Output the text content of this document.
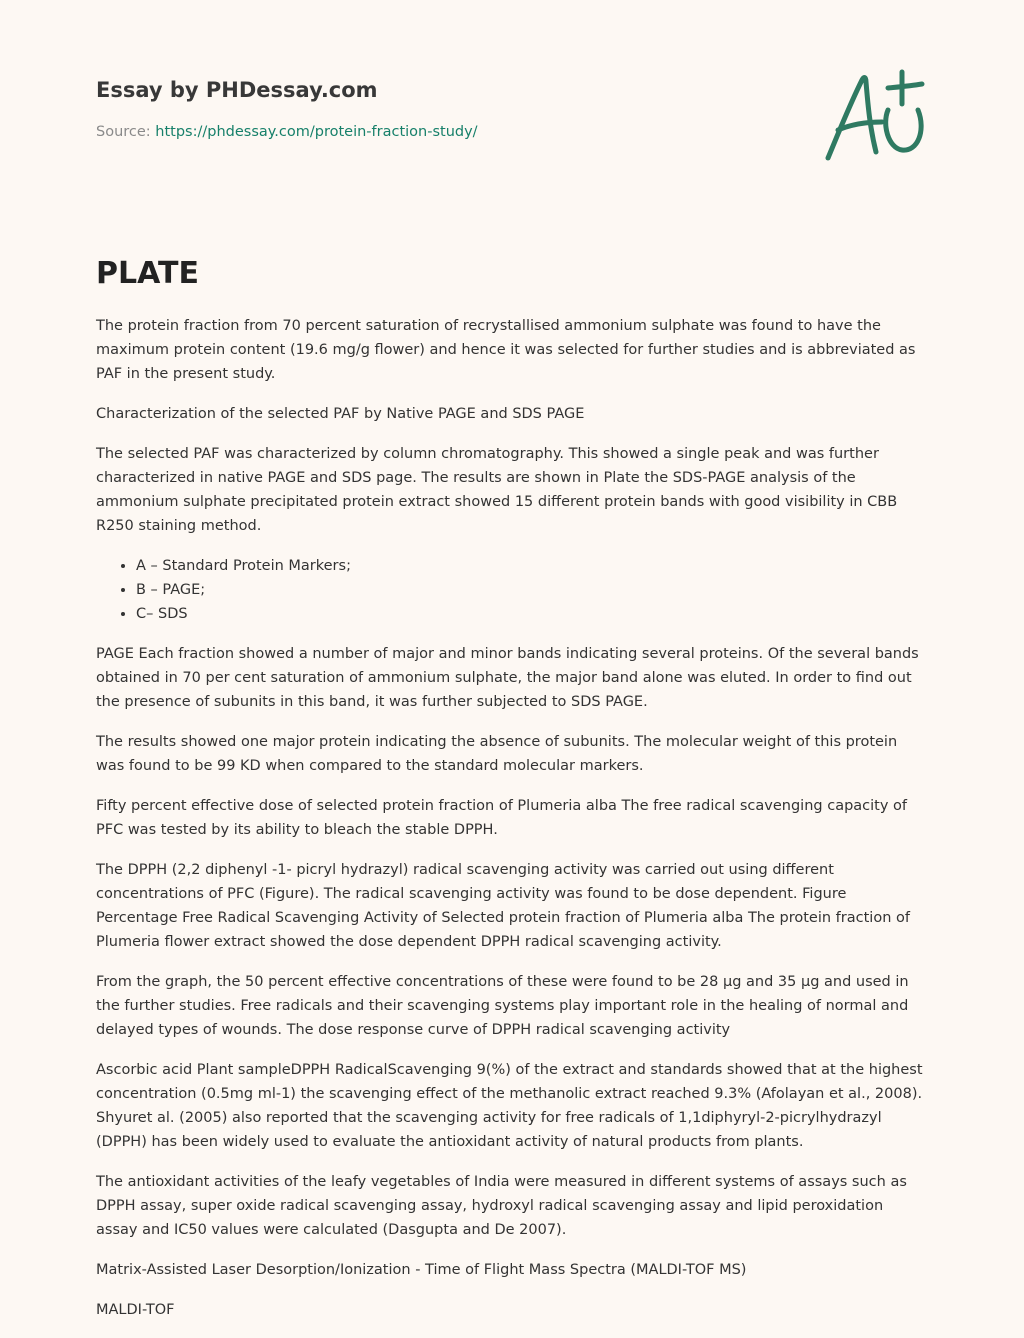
Essay by PHDessay.com
Source: https://phdessay.com/protein-fraction-study/
PLATE

The protein fraction from 70 percent saturation of recrystallised ammonium sulphate was found to have the maximum protein content (19.6 mg/g flower) and hence it was selected for further studies and is abbreviated as PAF in the present study.

Characterization of the selected PAF by Native PAGE and SDS PAGE

The selected PAF was characterized by column chromatography. This showed a single peak and was further characterized in native PAGE and SDS page. The results are shown in Plate the SDS-PAGE analysis of the ammonium sulphate precipitated protein extract showed 15 different protein bands with good visibility in CBB R250 staining method.

• A – Standard Protein Markers;
• B – PAGE;
• C– SDS

PAGE Each fraction showed a number of major and minor bands indicating several proteins. Of the several bands obtained in 70 per cent saturation of ammonium sulphate, the major band alone was eluted. In order to find out the presence of subunits in this band, it was further subjected to SDS PAGE.

The results showed one major protein indicating the absence of subunits. The molecular weight of this protein was found to be 99 KD when compared to the standard molecular markers.

Fifty percent effective dose of selected protein fraction of Plumeria alba The free radical scavenging capacity of PFC was tested by its ability to bleach the stable DPPH.

The DPPH (2,2 diphenyl -1- picryl hydrazyl) radical scavenging activity was carried out using different concentrations of PFC (Figure). The radical scavenging activity was found to be dose dependent. Figure Percentage Free Radical Scavenging Activity of Selected protein fraction of Plumeria alba The protein fraction of Plumeria flower extract showed the dose dependent DPPH radical scavenging activity.

From the graph, the 50 percent effective concentrations of these were found to be 28 µg and 35 µg and used in the further studies. Free radicals and their scavenging systems play important role in the healing of normal and delayed types of wounds. The dose response curve of DPPH radical scavenging activity

Ascorbic acid Plant sampleDPPH RadicalScavenging 9(%) of the extract and standards showed that at the highest concentration (0.5mg ml-1) the scavenging effect of the methanolic extract reached 9.3% (Afolayan et al., 2008). Shyuret al. (2005) also reported that the scavenging activity for free radicals of 1,1diphyryl-2-picrylhydrazyl (DPPH) has been widely used to evaluate the antioxidant activity of natural products from plants.

The antioxidant activities of the leafy vegetables of India were measured in different systems of assays such as DPPH assay, super oxide radical scavenging assay, hydroxyl radical scavenging assay and lipid peroxidation assay and IC50 values were calculated (Dasgupta and De 2007).

Matrix-Assisted Laser Desorption/Ionization - Time of Flight Mass Spectra (MALDI-TOF MS)

MALDI-TOF
